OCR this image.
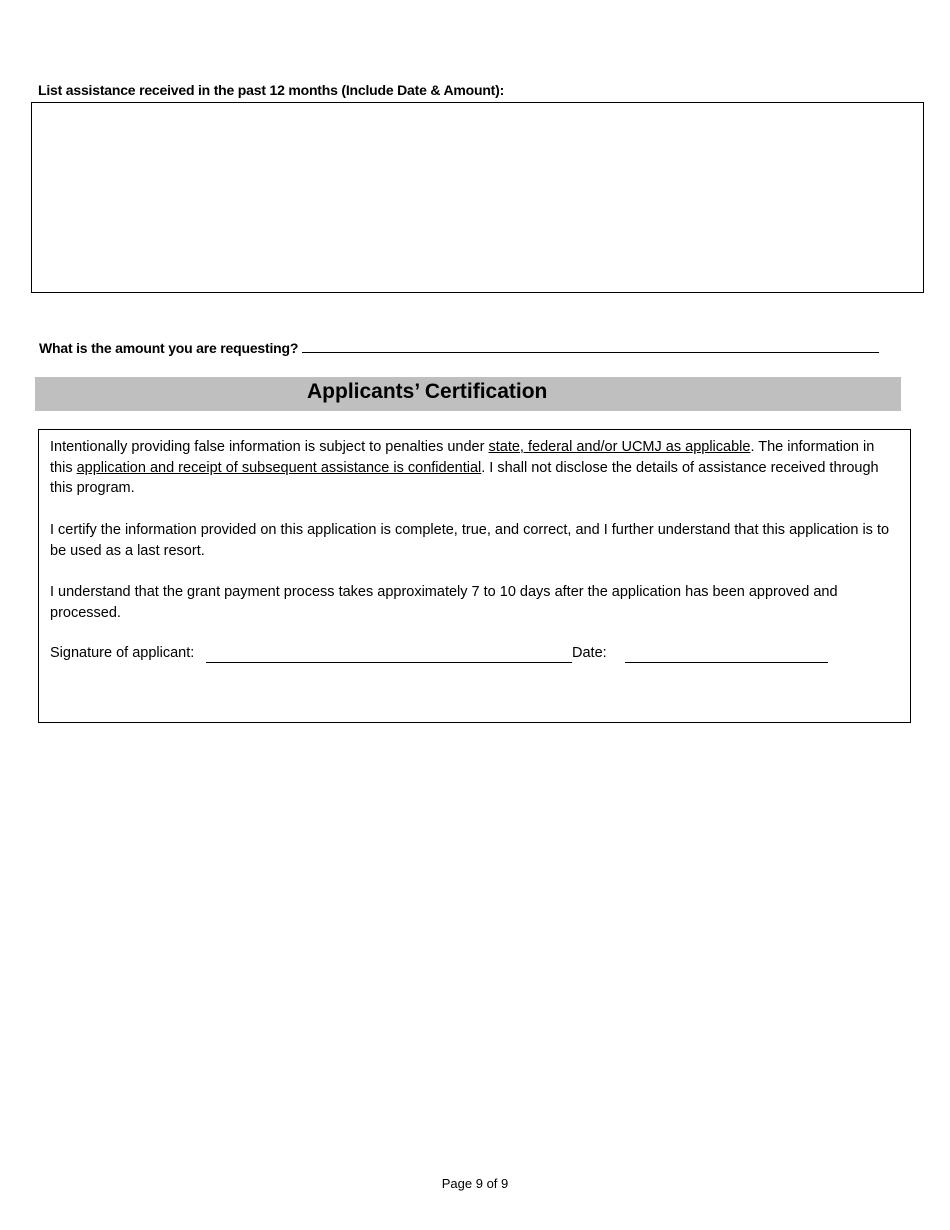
List assistance received in the past 12 months (Include Date & Amount):
What is the amount you are requesting?
Applicants’ Certification
Intentionally providing false information is subject to penalties under state, federal and/or UCMJ as applicable. The information in this application and receipt of subsequent assistance is confidential. I shall not disclose the details of assistance received through this program.
I certify the information provided on this application is complete, true, and correct, and I further understand that this application is to be used as a last resort.
I understand that the grant payment process takes approximately 7 to 10 days after the application has been approved and processed.
Signature of applicant:	Date:
Page 9 of 9
